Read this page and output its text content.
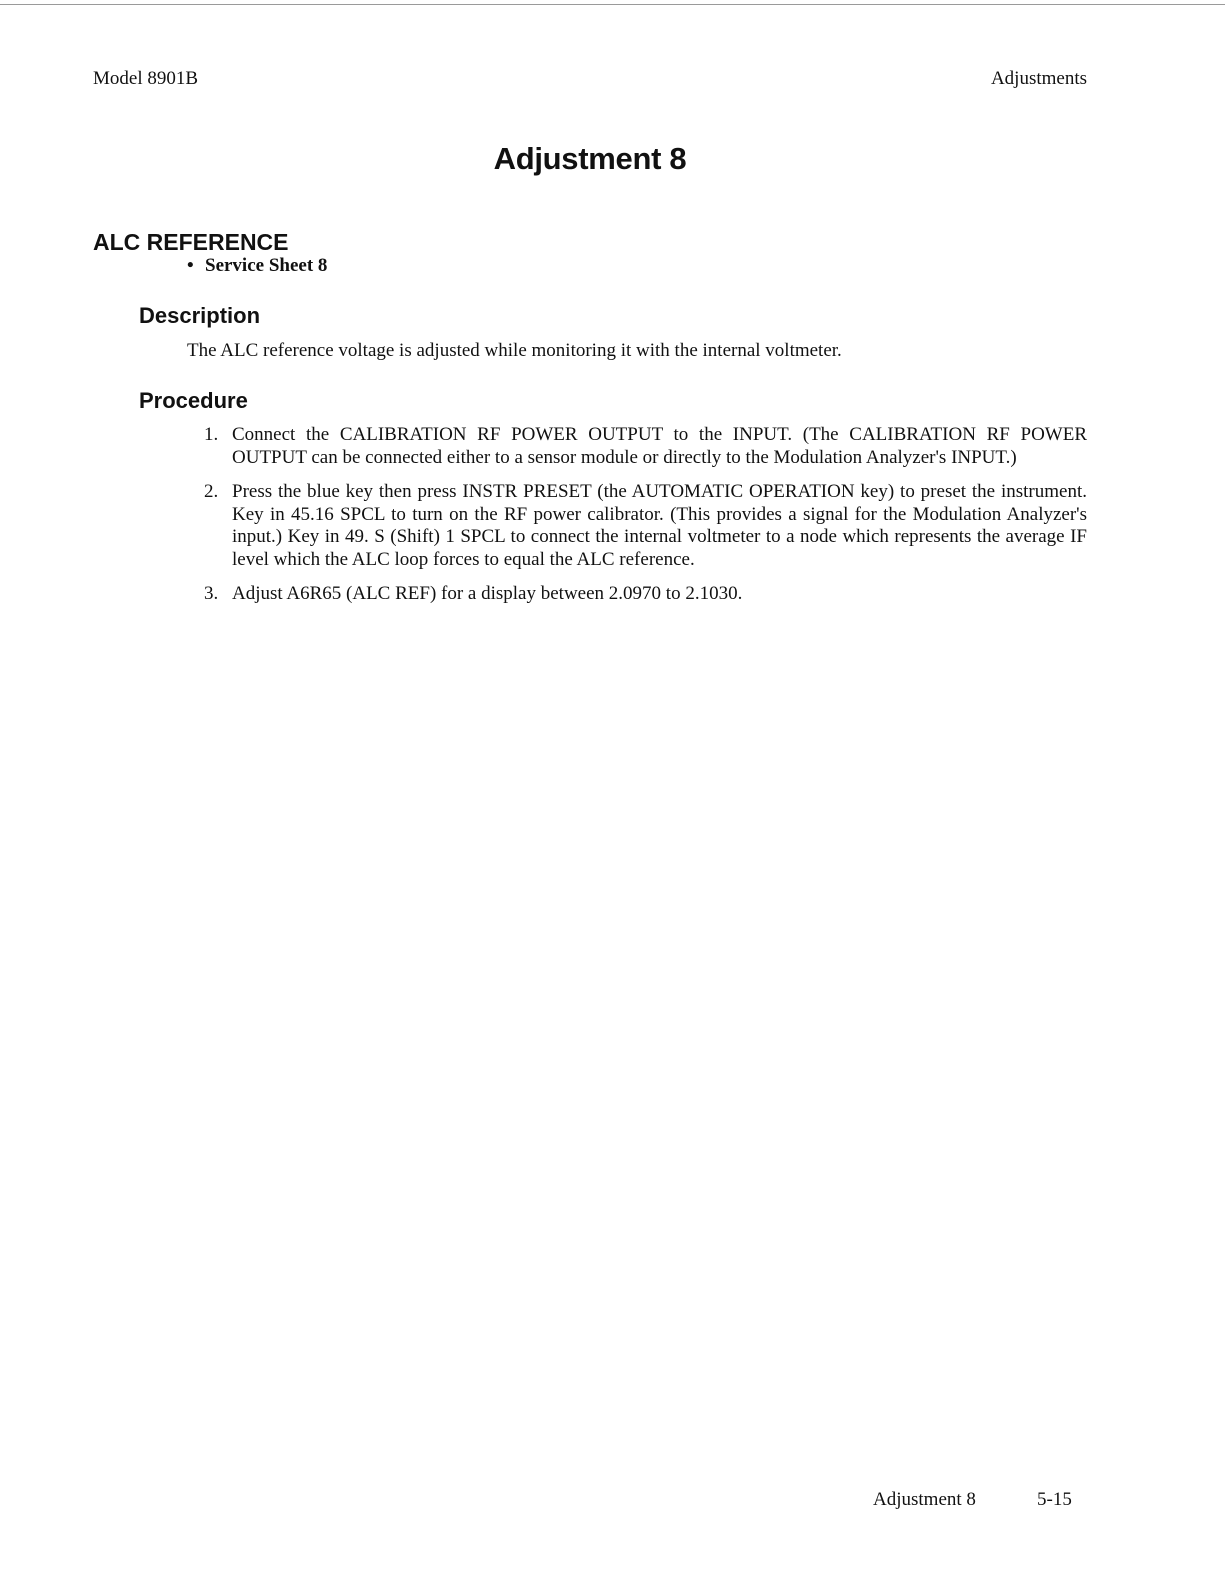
Model 8901B	Adjustments
Adjustment 8
ALC REFERENCE
• Service Sheet 8
Description
The ALC reference voltage is adjusted while monitoring it with the internal voltmeter.
Procedure
1. Connect the CALIBRATION RF POWER OUTPUT to the INPUT. (The CALIBRATION RF POWER OUTPUT can be connected either to a sensor module or directly to the Modulation Analyzer's INPUT.)
2. Press the blue key then press INSTR PRESET (the AUTOMATIC OPERATION key) to preset the instrument. Key in 45.16 SPCL to turn on the RF power calibrator. (This provides a signal for the Modulation Analyzer's input.) Key in 49. S (Shift) 1 SPCL to connect the internal voltmeter to a node which represents the average IF level which the ALC loop forces to equal the ALC reference.
3. Adjust A6R65 (ALC REF) for a display between 2.0970 to 2.1030.
Adjustment 8	5-15
